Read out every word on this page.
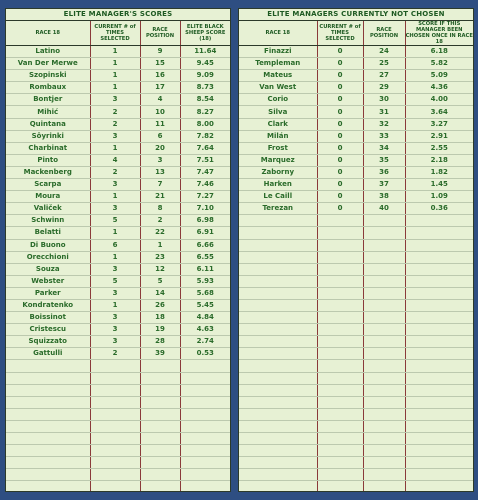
ELITE MANAGER'S SCORES			
RACE 18	CURRENT # of TIMES SELECTED	RACE POSITION	ELITE BLACK SHEEP SCORE (18)
Latino	1	9	11.64
Van Der Merwe	1	15	9.45
Szopinski	1	16	9.09
Rombaux	1	17	8.73
Bontjer	3	4	8.54
Mihić	2	10	8.27
Quintana	2	11	8.00
Sôyrinki	3	6	7.82
Charbinat	1	20	7.64
Pinto	4	3	7.51
Mackenberg	2	13	7.47
Scarpa	3	7	7.46
Moura	1	21	7.27
Valiček	3	8	7.10
Schwinn	5	2	6.98
Belatti	1	22	6.91
Di Buono	6	1	6.66
Orecchioni	1	23	6.55
Souza	3	12	6.11
Webster	5	5	5.93
Parker	3	14	5.68
Kondratenko	1	26	5.45
Boissinot	3	18	4.84
Cristescu	3	19	4.63
Squizzato	3	28	2.74
Gattulli	2	39	0.53

ELITE MANAGERS CURRENTLY NOT CHOSEN			
RACE 18	CURRENT # of TIMES SELECTED	RACE POSITION	SCORE IF THIS MANAGER BEEN CHOSEN ONCE IN RACE 18
Finazzi	0	24	6.18
Templeman	0	25	5.82
Mateus	0	27	5.09
Van West	0	29	4.36
Corio	0	30	4.00
Silva	0	31	3.64
Clark	0	32	3.27
Milán	0	33	2.91
Frost	0	34	2.55
Marquez	0	35	2.18
Zaborny	0	36	1.82
Harken	0	37	1.45
Le Caill	0	38	1.09
Terezan	0	40	0.36
